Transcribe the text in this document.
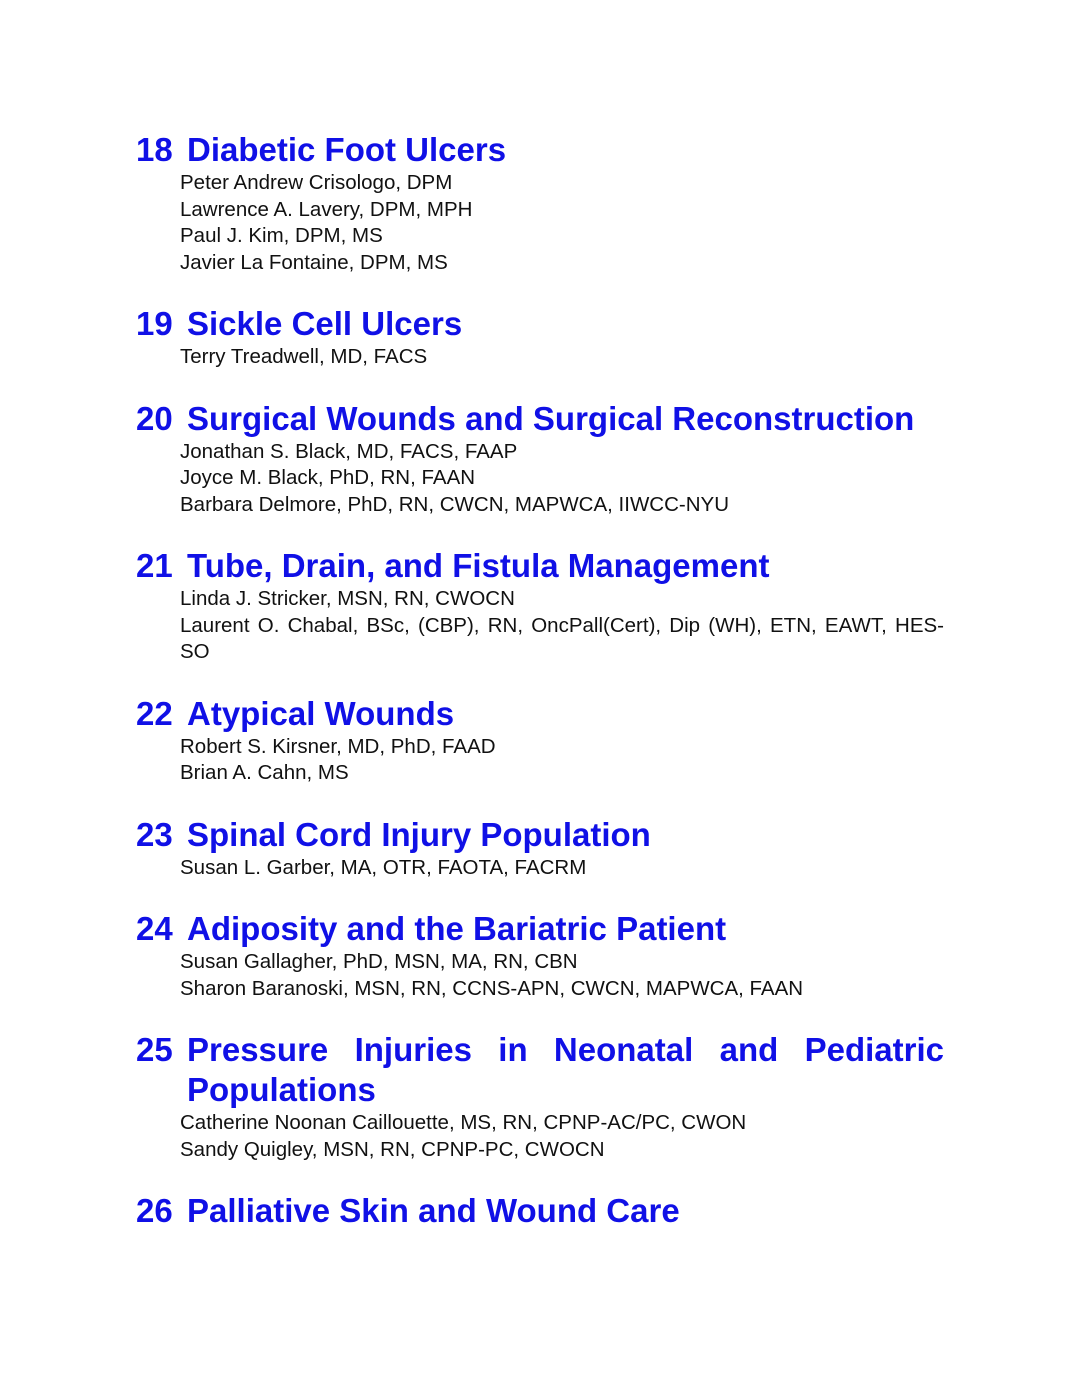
18 Diabetic Foot Ulcers
Peter Andrew Crisologo, DPM
Lawrence A. Lavery, DPM, MPH
Paul J. Kim, DPM, MS
Javier La Fontaine, DPM, MS
19 Sickle Cell Ulcers
Terry Treadwell, MD, FACS
20 Surgical Wounds and Surgical Reconstruction
Jonathan S. Black, MD, FACS, FAAP
Joyce M. Black, PhD, RN, FAAN
Barbara Delmore, PhD, RN, CWCN, MAPWCA, IIWCC-NYU
21 Tube, Drain, and Fistula Management
Linda J. Stricker, MSN, RN, CWOCN
Laurent O. Chabal, BSc, (CBP), RN, OncPall(Cert), Dip (WH), ETN, EAWT, HES-SO
22 Atypical Wounds
Robert S. Kirsner, MD, PhD, FAAD
Brian A. Cahn, MS
23 Spinal Cord Injury Population
Susan L. Garber, MA, OTR, FAOTA, FACRM
24 Adiposity and the Bariatric Patient
Susan Gallagher, PhD, MSN, MA, RN, CBN
Sharon Baranoski, MSN, RN, CCNS-APN, CWCN, MAPWCA, FAAN
25 Pressure Injuries in Neonatal and Pediatric Populations
Catherine Noonan Caillouette, MS, RN, CPNP-AC/PC, CWON
Sandy Quigley, MSN, RN, CPNP-PC, CWOCN
26 Palliative Skin and Wound Care
